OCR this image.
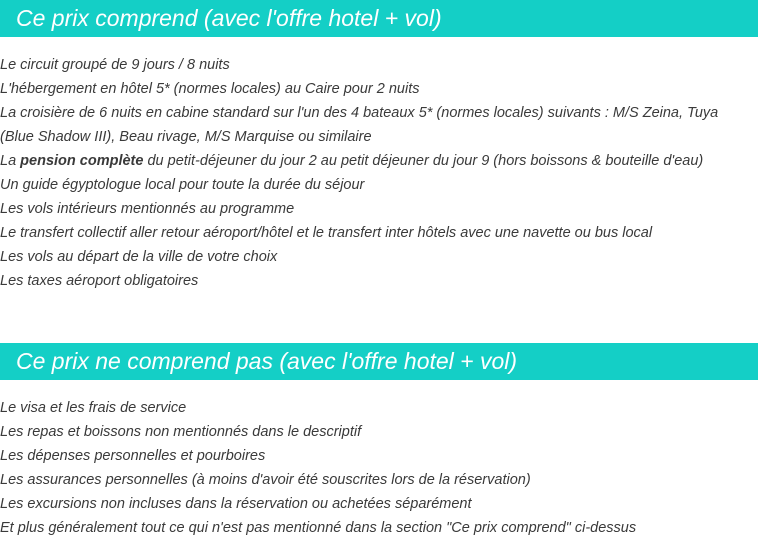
Ce prix comprend (avec l'offre hotel + vol)
Le circuit groupé de 9 jours / 8 nuits
L'hébergement en hôtel 5* (normes locales) au Caire pour 2 nuits
La croisière de 6 nuits en cabine standard sur l'un des 4 bateaux 5* (normes locales) suivants : M/S Zeina, Tuya (Blue Shadow III), Beau rivage, M/S Marquise ou similaire
La pension complète du petit-déjeuner du jour 2 au petit déjeuner du jour 9 (hors boissons & bouteille d'eau)
Un guide égyptologue local pour toute la durée du séjour
Les vols intérieurs mentionnés au programme
Le transfert collectif aller retour aéroport/hôtel et le transfert inter hôtels avec une navette ou bus local
Les vols au départ de la ville de votre choix
Les taxes aéroport obligatoires
Ce prix ne comprend pas (avec l'offre hotel + vol)
Le visa et les frais de service
Les repas et boissons non mentionnés dans le descriptif
Les dépenses personnelles et pourboires
Les assurances personnelles (à moins d'avoir été souscrites lors de la réservation)
Les excursions non incluses dans la réservation ou achetées séparément
Et plus généralement tout ce qui n'est pas mentionné dans la section "Ce prix comprend" ci-dessus
